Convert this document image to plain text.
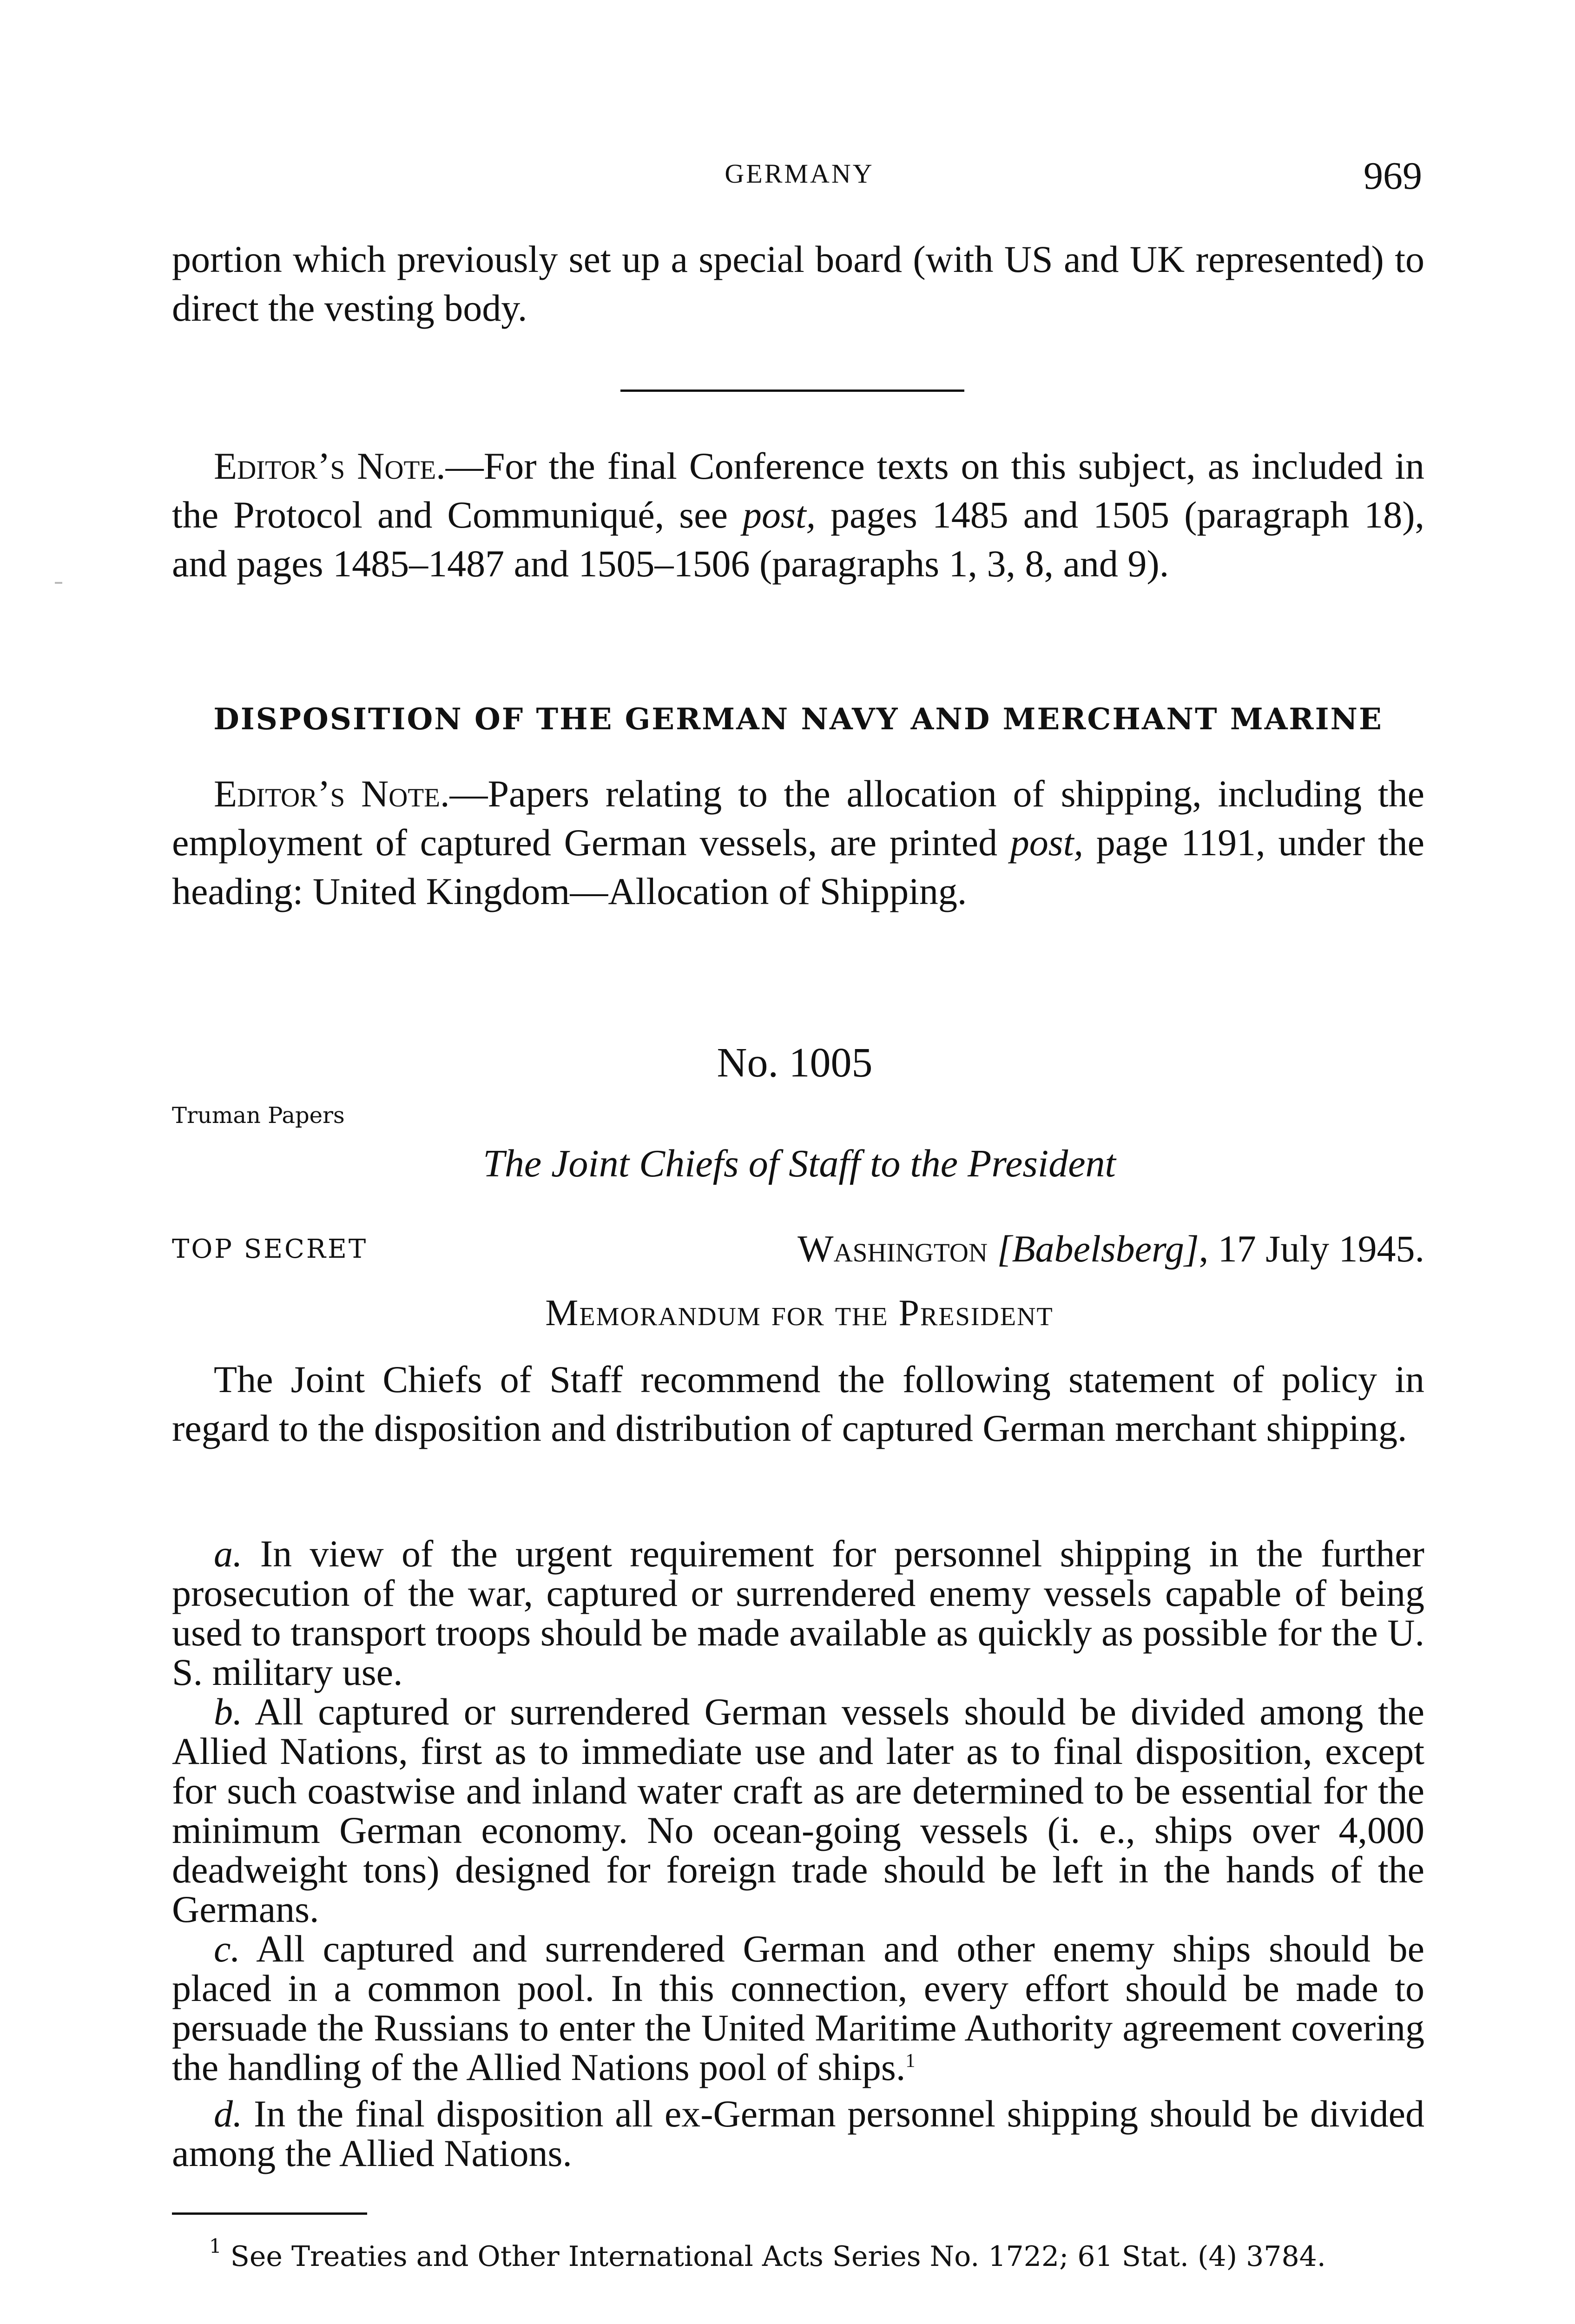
GERMANY	969
portion which previously set up a special board (with US and UK represented) to direct the vesting body.
Editor’s Note.—For the final Conference texts on this subject, as included in the Protocol and Communiqué, see post, pages 1485 and 1505 (paragraph 18), and pages 1485–1487 and 1505–1506 (paragraphs 1, 3, 8, and 9).
DISPOSITION OF THE GERMAN NAVY AND MERCHANT MARINE
Editor’s Note.—Papers relating to the allocation of shipping, including the employment of captured German vessels, are printed post, page 1191, under the heading: United Kingdom—Allocation of Shipping.
No. 1005
Truman Papers
The Joint Chiefs of Staff to the President
TOP SECRET	Washington [Babelsberg], 17 July 1945.
Memorandum for the President
The Joint Chiefs of Staff recommend the following statement of policy in regard to the disposition and distribution of captured German merchant shipping.
a. In view of the urgent requirement for personnel shipping in the further prosecution of the war, captured or surrendered enemy vessels capable of being used to transport troops should be made available as quickly as possible for the U. S. military use.
b. All captured or surrendered German vessels should be divided among the Allied Nations, first as to immediate use and later as to final disposition, except for such coastwise and inland water craft as are determined to be essential for the minimum German economy. No ocean-going vessels (i. e., ships over 4,000 deadweight tons) designed for foreign trade should be left in the hands of the Germans.
c. All captured and surrendered German and other enemy ships should be placed in a common pool. In this connection, every effort should be made to persuade the Russians to enter the United Maritime Authority agreement covering the handling of the Allied Nations pool of ships.$^1$
d. In the final disposition all ex-German personnel shipping should be divided among the Allied Nations.
$^1$ See Treaties and Other International Acts Series No. 1722; 61 Stat. (4) 3784.
